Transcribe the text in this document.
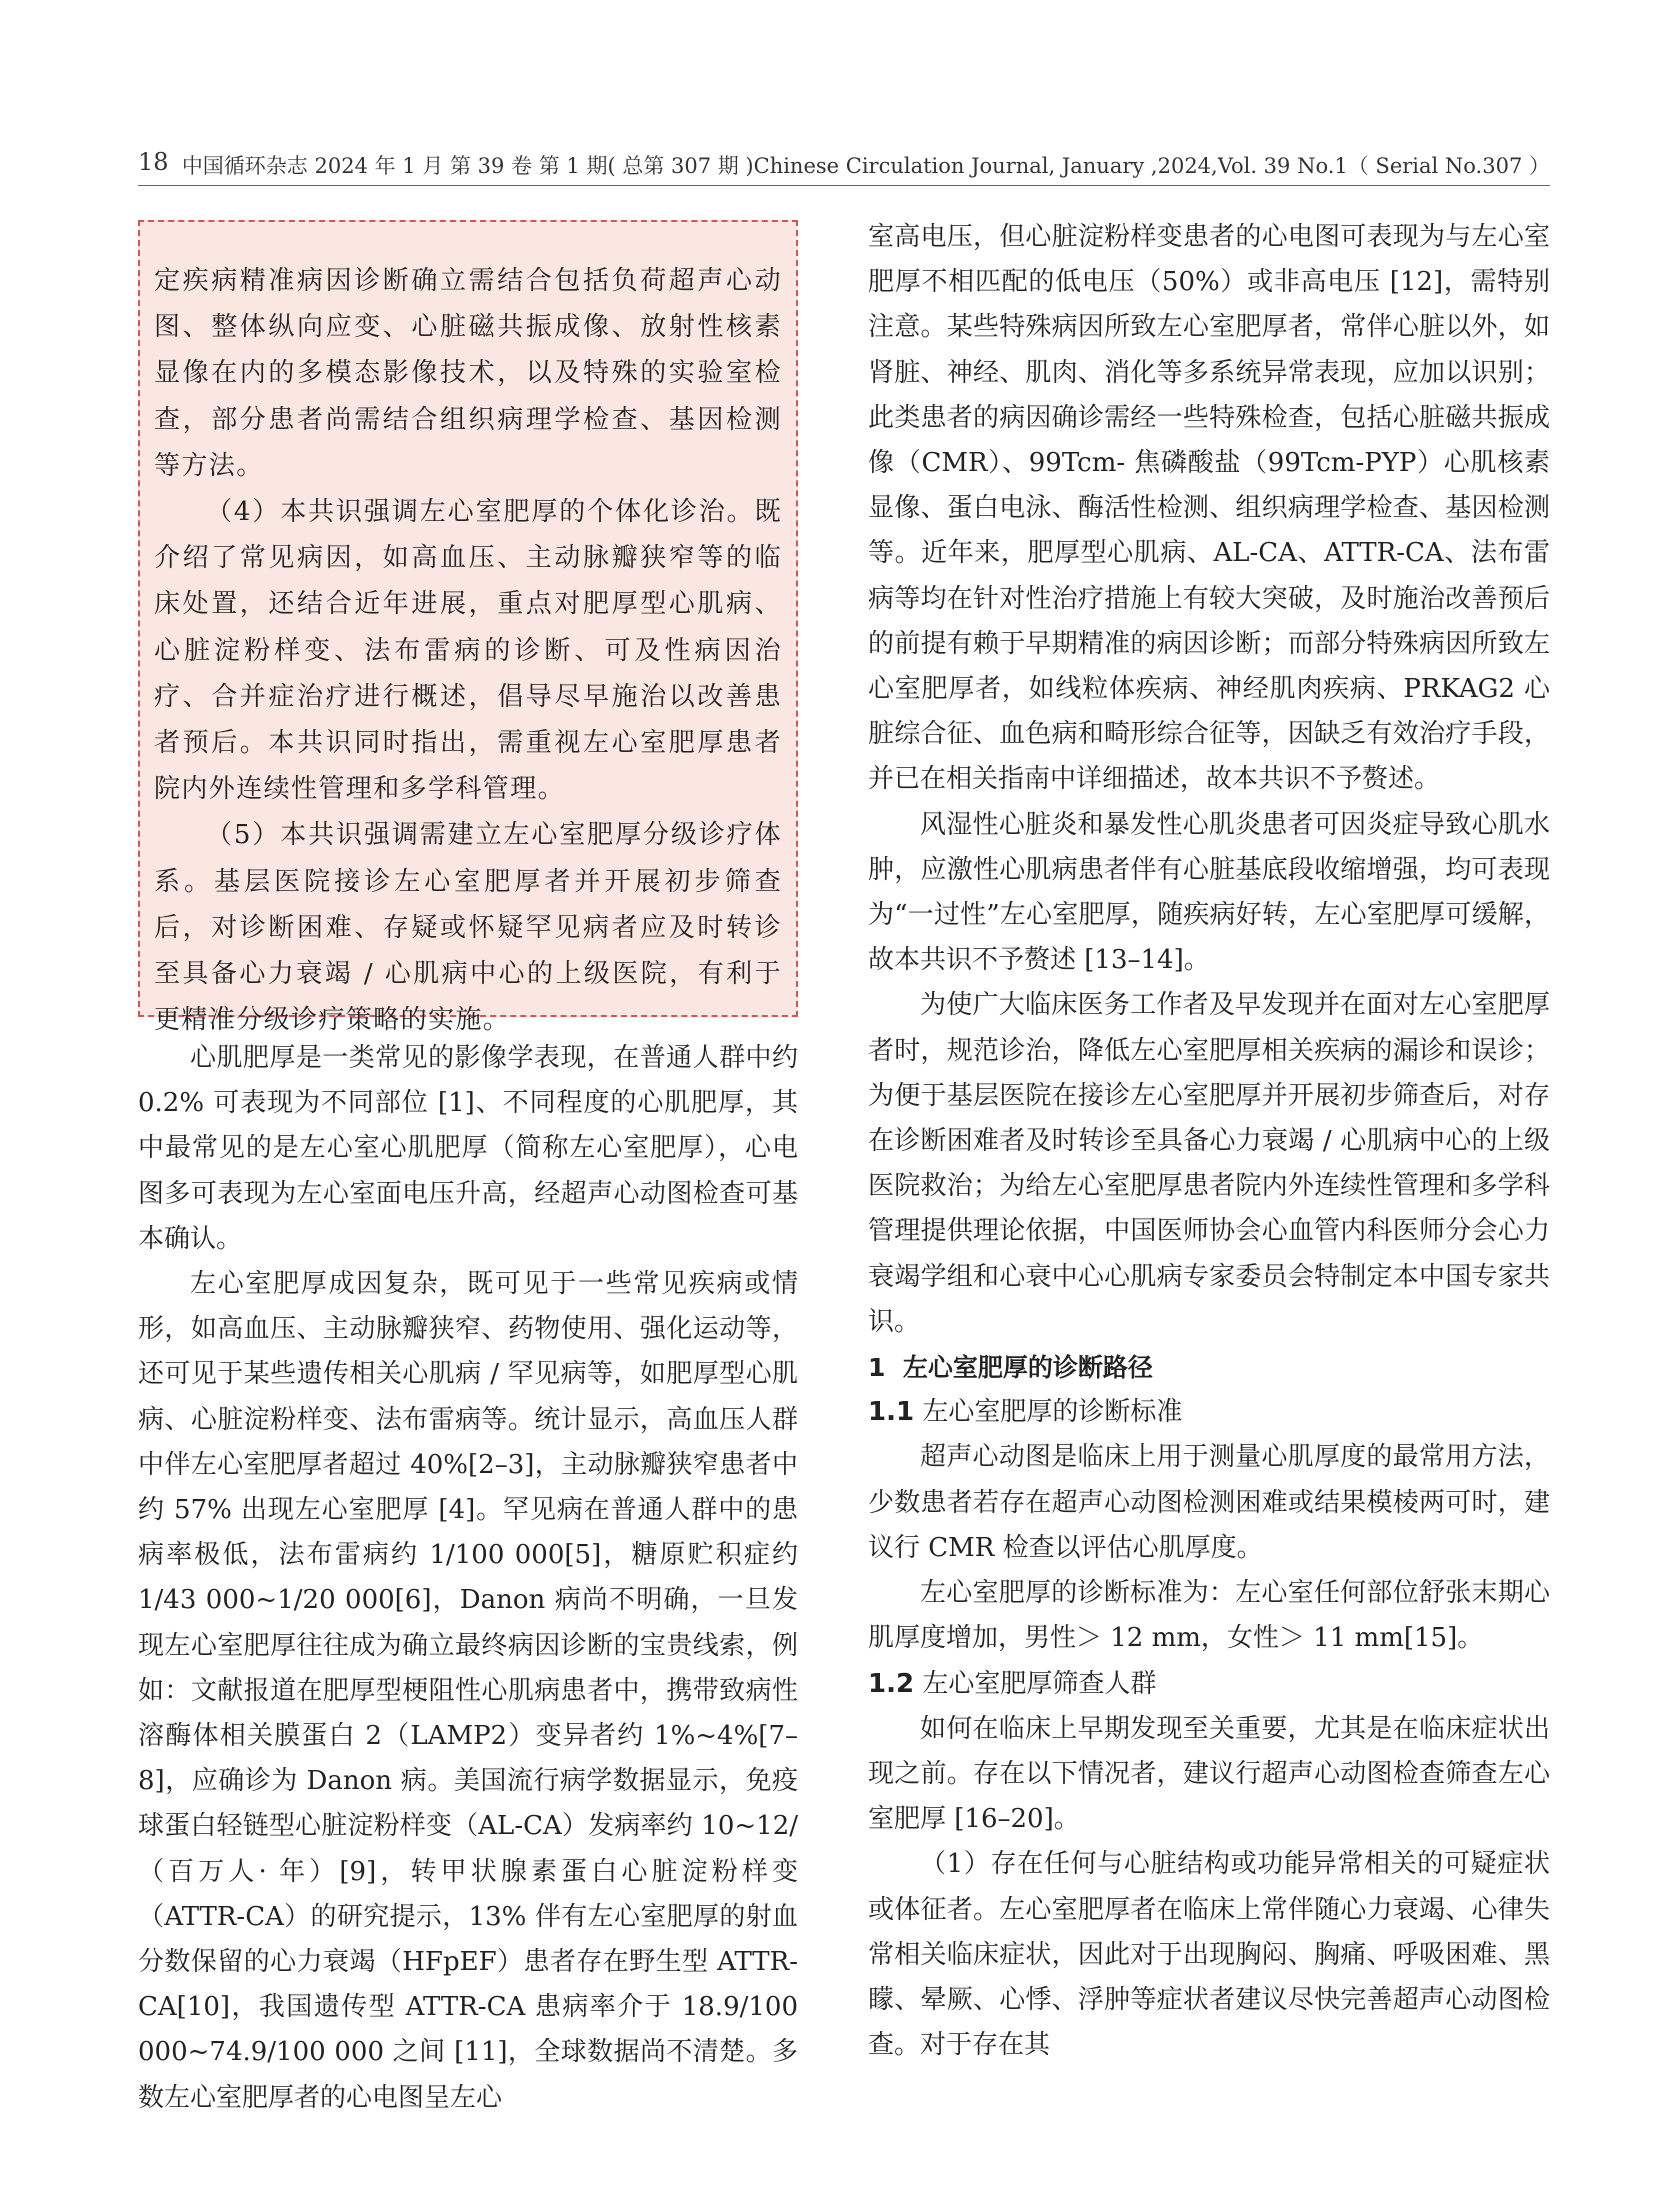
18 中国循环杂志 2024 年 1 月 第 39 卷 第 1 期( 总第 307 期 )Chinese Circulation Journal, January ,2024,Vol. 39 No.1（ Serial No.307 ）

定疾病精准病因诊断确立需结合包括负荷超声心动图、整体纵向应变、心脏磁共振成像、放射性核素显像在内的多模态影像技术，以及特殊的实验室检查，部分患者尚需结合组织病理学检查、基因检测等方法。

（4）本共识强调左心室肥厚的个体化诊治。既介绍了常见病因，如高血压、主动脉瓣狭窄等的临床处置，还结合近年进展，重点对肥厚型心肌病、心脏淀粉样变、法布雷病的诊断、可及性病因治疗、合并症治疗进行概述，倡导尽早施治以改善患者预后。本共识同时指出，需重视左心室肥厚患者院内外连续性管理和多学科管理。

（5）本共识强调需建立左心室肥厚分级诊疗体系。基层医院接诊左心室肥厚者并开展初步筛查后，对诊断困难、存疑或怀疑罕见病者应及时转诊至具备心力衰竭 / 心肌病中心的上级医院，有利于更精准分级诊疗策略的实施。

心肌肥厚是一类常见的影像学表现，在普通人群中约 0.2% 可表现为不同部位 [1]、不同程度的心肌肥厚，其中最常见的是左心室心肌肥厚（简称左心室肥厚），心电图多可表现为左心室面电压升高，经超声心动图检查可基本确认。

左心室肥厚成因复杂，既可见于一些常见疾病或情形，如高血压、主动脉瓣狭窄、药物使用、强化运动等，还可见于某些遗传相关心肌病 / 罕见病等，如肥厚型心肌病、心脏淀粉样变、法布雷病等。统计显示，高血压人群中伴左心室肥厚者超过 40%[2–3]，主动脉瓣狭窄患者中约 57% 出现左心室肥厚 [4]。罕见病在普通人群中的患病率极低，法布雷病约 1/100 000[5]，糖原贮积症约 1/43 000~1/20 000[6]，Danon 病尚不明确，一旦发现左心室肥厚往往成为确立最终病因诊断的宝贵线索，例如：文献报道在肥厚型梗阻性心肌病患者中，携带致病性溶酶体相关膜蛋白 2（LAMP2）变异者约 1%~4%[7–8]，应确诊为 Danon 病。美国流行病学数据显示，免疫球蛋白轻链型心脏淀粉样变（AL-CA）发病率约 10~12/（百万人· 年）[9]，转甲状腺素蛋白心脏淀粉样变（ATTR-CA）的研究提示，13% 伴有左心室肥厚的射血分数保留的心力衰竭（HFpEF）患者存在野生型 ATTR-CA[10]，我国遗传型 ATTR-CA 患病率介于 18.9/100 000~74.9/100 000 之间 [11]，全球数据尚不清楚。多数左心室肥厚者的心电图呈左心

室高电压，但心脏淀粉样变患者的心电图可表现为与左心室肥厚不相匹配的低电压（50%）或非高电压 [12]，需特别注意。某些特殊病因所致左心室肥厚者，常伴心脏以外，如肾脏、神经、肌肉、消化等多系统异常表现，应加以识别；此类患者的病因确诊需经一些特殊检查，包括心脏磁共振成像（CMR）、99Tcm- 焦磷酸盐（99Tcm-PYP）心肌核素显像、蛋白电泳、酶活性检测、组织病理学检查、基因检测等。近年来，肥厚型心肌病、AL-CA、ATTR-CA、法布雷病等均在针对性治疗措施上有较大突破，及时施治改善预后的前提有赖于早期精准的病因诊断；而部分特殊病因所致左心室肥厚者，如线粒体疾病、神经肌肉疾病、PRKAG2 心脏综合征、血色病和畸形综合征等，因缺乏有效治疗手段，并已在相关指南中详细描述，故本共识不予赘述。

风湿性心脏炎和暴发性心肌炎患者可因炎症导致心肌水肿，应激性心肌病患者伴有心脏基底段收缩增强，均可表现为“一过性”左心室肥厚，随疾病好转，左心室肥厚可缓解，故本共识不予赘述 [13–14]。

为使广大临床医务工作者及早发现并在面对左心室肥厚者时，规范诊治，降低左心室肥厚相关疾病的漏诊和误诊；为便于基层医院在接诊左心室肥厚并开展初步筛查后，对存在诊断困难者及时转诊至具备心力衰竭 / 心肌病中心的上级医院救治；为给左心室肥厚患者院内外连续性管理和多学科管理提供理论依据，中国医师协会心血管内科医师分会心力衰竭学组和心衰中心心肌病专家委员会特制定本中国专家共识。

1 左心室肥厚的诊断路径
1.1 左心室肥厚的诊断标准

超声心动图是临床上用于测量心肌厚度的最常用方法，少数患者若存在超声心动图检测困难或结果模棱两可时，建议行 CMR 检查以评估心肌厚度。

左心室肥厚的诊断标准为：左心室任何部位舒张末期心肌厚度增加，男性＞ 12 mm，女性＞ 11 mm[15]。

1.2 左心室肥厚筛查人群

如何在临床上早期发现至关重要，尤其是在临床症状出现之前。存在以下情况者，建议行超声心动图检查筛查左心室肥厚 [16–20]。

（1）存在任何与心脏结构或功能异常相关的可疑症状或体征者。左心室肥厚者在临床上常伴随心力衰竭、心律失常相关临床症状，因此对于出现胸闷、胸痛、呼吸困难、黑矇、晕厥、心悸、浮肿等症状者建议尽快完善超声心动图检查。对于存在其
